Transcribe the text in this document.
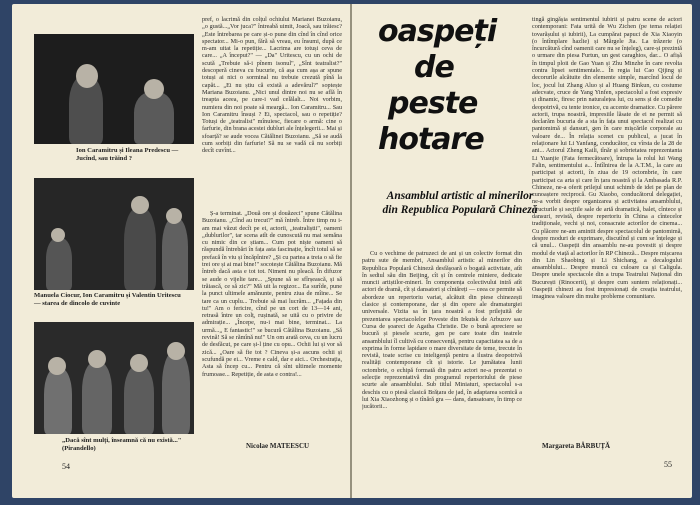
Ion Caramitru și Ileana Predescu — Jucînd, sau trăind ?
Manuela Ciocur, Ion Caramitru și Valentin Uritescu — starea de dincolo de cuvinte
„Dacă sînt mulți, înseamnă că nu există..." (Pirandello)
pref, o lacrimă din colțul ochiului Marianei Buzoianu, „o gustă...„Vor juca?" întreabă uimit, Joacă, sau trăiesc? „Este întrebarea pe care și-o pune din cînd în cînd orice spectator... Mi-o pun, fără să vreau, eu însumi, după ce m-am uitat la repetiție... Lacrima are totuși ceva de care... „A început?" — „Da" Uritescu, cu un ochi de scută „Trebuie să-i pînem isonul", „Sînt teatralist?" descoperă cineva cu bucurie, că așa cum așa ar spune totuși ai nici o sorminal nu trebuie crezută pînă la capăt... „Ei nu știu că există a adevărul?" soptește Mariana Buzoianu. „Nici unul dintre noi nu se află în treapta aceea, pe care-i vad celălalt... Noi vorbim, numiera din noi poate să meargă... Ion Caramitru... Sau Ion Caramitru însuși ? Ei, spectacol, sau o repetiție? Totuși de „teatralist" mînuiesc, fiecare o armă: cine o farfurie, din brana acestei dubluri ale înțelegerii... Mai și sfoarță? se aude vocea Cătălinei Buzoianu. „Să se audă cum sorbiți din farfurie! Să nu se vadă că nu sorbiți decît cuvînt...
Ș-a terminat. „Două ore și douăzeci" spune Cătălina Buzoianu. „Cînd au trecut?" mă întreb. Între timp nu i-am mai văzut decît pe ei, actorii, „teatraliștii", oameni „dublurilor", tar scena atît de cunoscută nu mai semăna cu nimic din ce știam... Cum pot niște oameni să răspundă întrebări în fața asta fascinație, încît totul să se prefacă în viu și încăpînire? „Și cu partea a treia o să fie trei ore și ai mai bine!" socotește Cătălina Buzoianu. Mă întreb dacă asta e tot tot. Nimeni nu pleacă. În difuzor se aude o vijelie tare... „Spune să se sfîrșească, și să trăiască, ce să zic?" Mă uit la regizor... Ea surîde, pune la punct ultimele amănunte, pentru ziua de mîine... Se tare ca un cuplu... Trebuie să mai lucrăm... „Fațada din tu!" Am o fericire, cînd pe un cort de 13—14 ani, retrasă între un colț, rușinată, se uită cu o privire de admirație... „Începe, nu-i mai bine, terminat... La urmă...„ E fantastic!" se bucură Cătălina Buzoianu. „Să revină! Să se rămînă nu!" Un om arată ceva, cu un lucru de desfăcut, pe care și-l ține cu opu... Ochii lui și vor să zică... „Oare să fie tot ? Cineva și-a ascuns ochii și scufundă pe ei... Vreme e cald, dar e aici... Orchestrația, Asta să încep cu... Pentru că sînt ultimele momente frumoase... Repetiție, de asta e contra!...
Nicolae MATEESCU
54
oaspeți
de
peste
hotare
Ansamblul artistic al minerilor din Republica Populară Chineză
Cu o vechime de patruzeci de ani și un colectiv format din patru sute de membri, Ansamblul artistic al minerilor din Republica Populară Chineză desfășoară o bogată activitate, atît în sediul său din Beijing, cît și în centrele miniere, dedicate muncii artiștilor-mineri. În componența colectivului intră atît actori de dramă, cît și dansatori și cîntăreți — ceea ce permite să abordeze un repertoriu variat, alcătuit din piese chinezești clasice și contemporane, dar și din opere ale dramaturgiei universale. Vizita sa în țara noastră a fost prilejuită de prezentarea spectacolelor Poveste din Irkutsk de Arbuzov sau Cursa de șoareci de Agatha Christie. De o bună apreciere se bucură și piesele scurte, gen pe care toate din teatrele ansamblului îl cultivă cu consecvență, pentru capacitatea sa de a exprima în forme lapidare o mare diversitate de teme, trecute în revistă, toate scrise cu inteligență pentru a ilustra deopotrivă realități contemporane cît și istorie. Le jumătatea lunii octombrie, o echipă formată din patru actori ne-a prezentat o selecție reprezentativă din programul repertoriului de piese scurte ale ansamblului. Sub titlul Miniaturi, spectacolul s-a deschis cu o piesă clasică Brățara de jad, în adaptarea scenică a lui Xia Xiaozhong și o tînără gra — dans, dansatoare, în timp ce jucătorii...
tingă gingășia sentimentul iubirii și patru scene de actori contemporani: Fata urită de Wu Zichen (pe tema relației tovarășului și iubirii), La cumpărat papuci de Xia Xiaoyin (o întîmplare hazlie) și Mărgele Jia. La trăzerie (o încurcătură cînd oamenii care nu se înțeleg), care-și prezintă o urmare din piesa Furtun, un gest caraghios, dar... O afișă în timpul ploii de Gao Yuan și Zhu Minzhe în care revolta contra lipsei sentimentale... În regia lui Cao Qijing și decorurile alcătuite din elemente simple, marcînd locul de loc, jocul lui Zhang Aluo și al Huang Binkun, cu costume adecvate, cruce de Yang Yinfen, spectacolul a fost expresiv și dinamic, firesc prin naturalețea lui, cu sens și de comedie deopotrivă, cu tente ironice, cu accente dramatice. Cu părere actorii, trupa noastră, impresiile lăsate de ei ne permit să declarăm bucuria de a sta în fața unui spectacol realizat cu pantomimă și dansuri, gen în care mișcările corporale au valoare de... În relația scenei cu publicul, a jucat în relaționare lui Li Yanfang, conducător, cu vîrsta de la 28 de ani... Actorul Zheng Kaili, tînăr și sobrietatea reprezentanta Li Yuanjie (Fata fermecătoare), întrupa la rolul lui Wang Falin, sentimentului a... Întîlnirea de la A.T.M., la care au participat și actorii, în ziua de 19 octombrie, în care participat ca arta și care în țara noastră și la Ambasada R.P. Chineze, ne-a oferit prilejul unui schimb de idei pe plan de cunoaștere reciprocă. Gu Xiaobo, conducătorul delegației, ne-a vorbit despre organizarea și activitatea ansamblului, structurile și secțiile sale de artă dramatică, balet, cîntece și dansuri, revistă, despre repertoriu în China a cîntecelor tradiționale, vechi și noi, consacrate actorilor de cinema... Cu plăcere ne-am amintit despre spectacolul de pantomimă, despre moduri de exprimare, discutînd și cum se înțelege și că unul... Oaspeții din ansamblu ne-au povestit și despre modul de viață al actorilor în RP Chineză... Despre mișcarea din Lin Shaobing și Li Shichang, a decalogului ansamblului... Despre muncă cu culoare ca și Caligula. Despre unele spectacole din a trupa Teatrului Național din București (Rinocerii), și despre cum suntem relaționați... Oaspeții chinezi au fost impresionați de creația teatrului, imaginea valoare din multe probleme comunitare.
Margareta BĂRBUȚĂ
55
